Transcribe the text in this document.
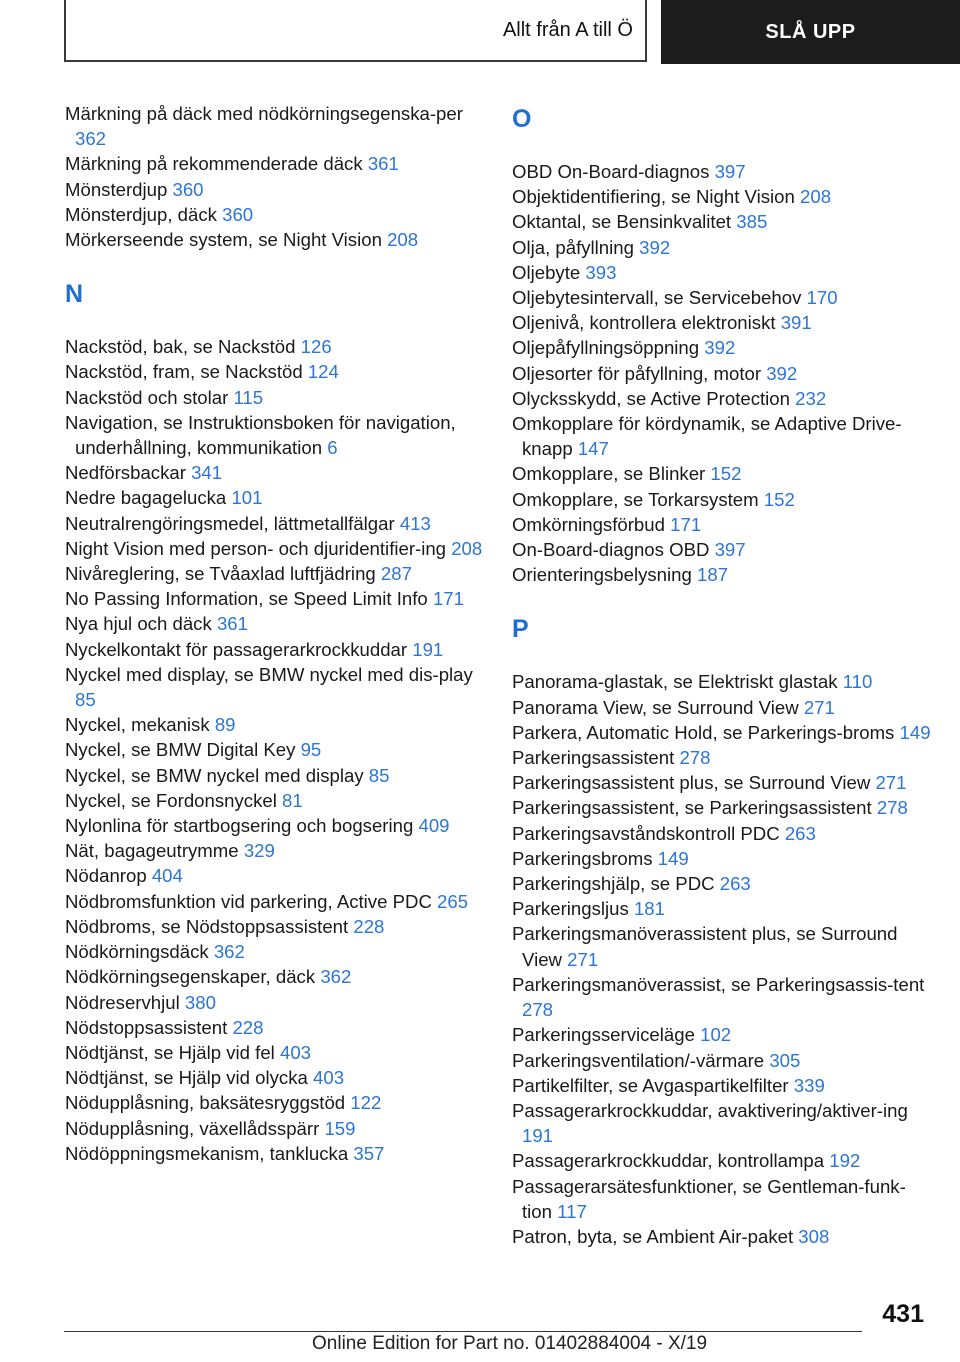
Allt från A till Ö	SLÅ UPP
Märkning på däck med nödkörningsegenska-per 362
Märkning på rekommenderade däck 361
Mönsterdjup 360
Mönsterdjup, däck 360
Mörkerseende system, se Night Vision 208
N
Nackstöd, bak, se Nackstöd 126
Nackstöd, fram, se Nackstöd 124
Nackstöd och stolar 115
Navigation, se Instruktionsboken för navigation, underhållning, kommunikation 6
Nedförsbackar 341
Nedre bagagelucka 101
Neutralrengöringsmedel, lättmetallfälgar 413
Night Vision med person- och djuridentifier-ing 208
Nivåreglering, se Tvåaxlad luftfjädring 287
No Passing Information, se Speed Limit Info 171
Nya hjul och däck 361
Nyckelkontakt för passagerarkrockkuddar 191
Nyckel med display, se BMW nyckel med dis-play 85
Nyckel, mekanisk 89
Nyckel, se BMW Digital Key 95
Nyckel, se BMW nyckel med display 85
Nyckel, se Fordonsnyckel 81
Nylonlina för startbogsering och bogsering 409
Nät, bagageutrymme 329
Nödanrop 404
Nödbromsfunktion vid parkering, Active PDC 265
Nödbroms, se Nödstoppsassistent 228
Nödkörningsdäck 362
Nödkörningsegenskaper, däck 362
Nödreservhjul 380
Nödstoppsassistent 228
Nödtjänst, se Hjälp vid fel 403
Nödtjänst, se Hjälp vid olycka 403
Nödupplåsning, baksätesryggstöd 122
Nödupplåsning, växellådsspärr 159
Nödöppningsmekanism, tanklucka 357
O
OBD On-Board-diagnos 397
Objektidentifiering, se Night Vision 208
Oktantal, se Bensinkvalitet 385
Olja, påfyllning 392
Oljebyte 393
Oljebytesintervall, se Servicebehov 170
Oljenivå, kontrollera elektroniskt 391
Oljepåfyllningsöppning 392
Oljesorter för påfyllning, motor 392
Olycksskydd, se Active Protection 232
Omkopplare för kördynamik, se Adaptive Drive-knapp 147
Omkopplare, se Blinker 152
Omkopplare, se Torkarsystem 152
Omkörningsförbud 171
On-Board-diagnos OBD 397
Orienteringsbelysning 187
P
Panorama-glastak, se Elektriskt glastak 110
Panorama View, se Surround View 271
Parkera, Automatic Hold, se Parkerings-broms 149
Parkeringsassistent 278
Parkeringsassistent plus, se Surround View 271
Parkeringsassistent, se Parkeringsassistent 278
Parkeringsavståndskontroll PDC 263
Parkeringsbroms 149
Parkeringshjälp, se PDC 263
Parkeringsljus 181
Parkeringsmanöverassistent plus, se Surround View 271
Parkeringsmanöverassist, se Parkeringsassis-tent 278
Parkeringsserviceläge 102
Parkeringsventilation/-värmare 305
Partikelfilter, se Avgaspartikelfilter 339
Passagerarkrockkuddar, avaktivering/aktiver-ing 191
Passagerarkrockkuddar, kontrollampa 192
Passagerarsätesfunktioner, se Gentleman-funk-tion 117
Patron, byta, se Ambient Air-paket 308
431
Online Edition for Part no. 01402884004 - X/19
